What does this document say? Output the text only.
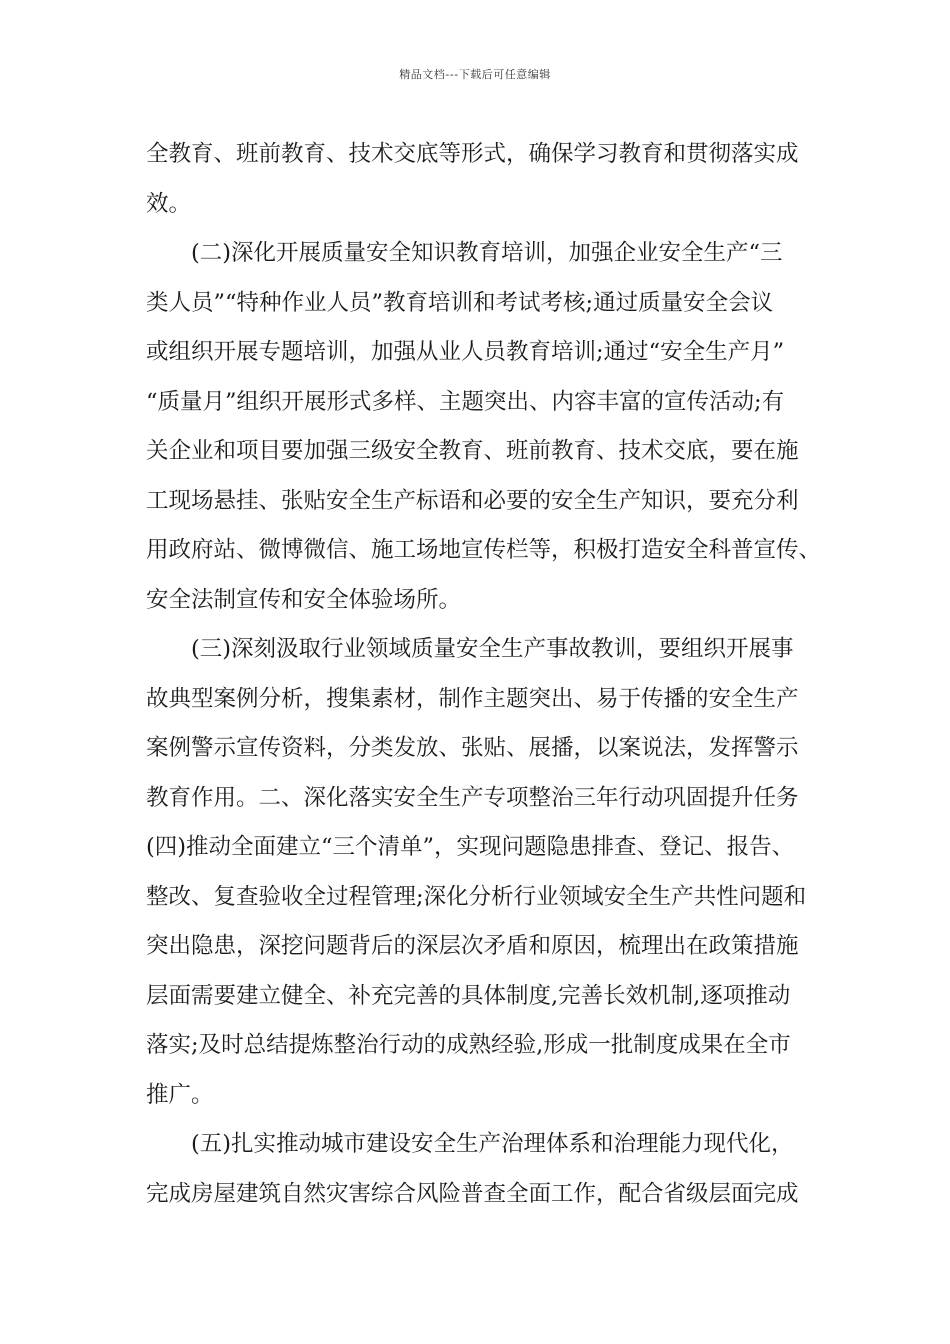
精品文档---下载后可任意编辑
全教育、班前教育、技术交底等形式，确保学习教育和贯彻落实成
效。
(二)深化开展质量安全知识教育培训，加强企业安全生产“三
类人员”“特种作业人员”教育培训和考试考核;通过质量安全会议
或组织开展专题培训，加强从业人员教育培训;通过“安全生产月”
“质量月”组织开展形式多样、主题突出、内容丰富的宣传活动;有
关企业和项目要加强三级安全教育、班前教育、技术交底，要在施
工现场悬挂、张贴安全生产标语和必要的安全生产知识，要充分利
用政府站、微博微信、施工场地宣传栏等，积极打造安全科普宣传、
安全法制宣传和安全体验场所。
(三)深刻汲取行业领域质量安全生产事故教训，要组织开展事
故典型案例分析，搜集素材，制作主题突出、易于传播的安全生产
案例警示宣传资料，分类发放、张贴、展播，以案说法，发挥警示
教育作用。二、深化落实安全生产专项整治三年行动巩固提升任务
(四)推动全面建立“三个清单”，实现问题隐患排查、登记、报告、
整改、复查验收全过程管理;深化分析行业领域安全生产共性问题和
突出隐患，深挖问题背后的深层次矛盾和原因，梳理出在政策措施
层面需要建立健全、补充完善的具体制度,完善长效机制,逐项推动
落实;及时总结提炼整治行动的成熟经验,形成一批制度成果在全市
推广。
(五)扎实推动城市建设安全生产治理体系和治理能力现代化，
完成房屋建筑自然灾害综合风险普查全面工作，配合省级层面完成
